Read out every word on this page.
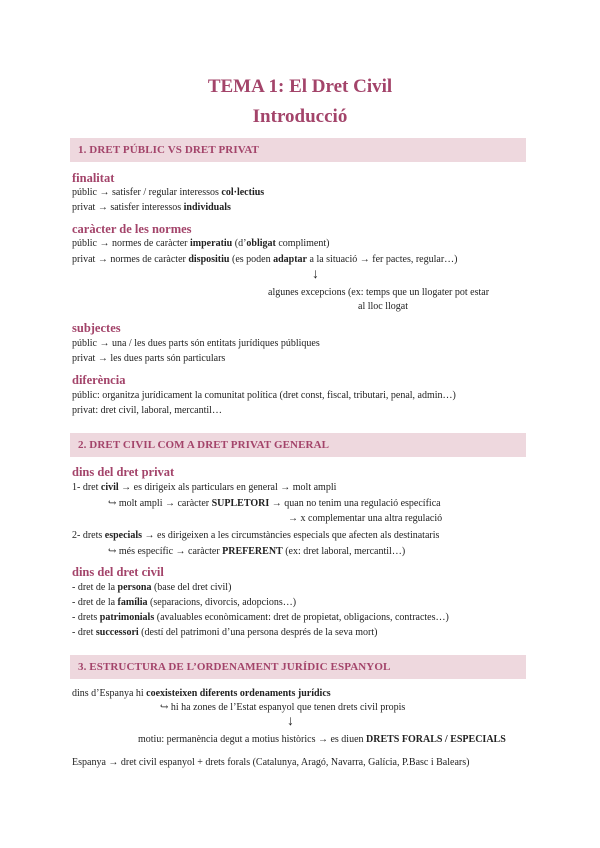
TEMA 1: El Dret Civil
Introducció
1. DRET PÚBLIC VS DRET PRIVAT
finalitat
públic → satisfer / regular interessos col·lectius
privat → satisfer interessos individuals
caràcter de les normes
públic → normes de caràcter imperatiu (d’obligat compliment)
privat → normes de caràcter dispositiu (es poden adaptar a la situació → fer pactes, regular…)
↓
algunes excepcions (ex: temps que un llogater pot estar
al lloc llogat
subjectes
públic → una / les dues parts són entitats jurídiques públiques
privat → les dues parts són particulars
diferència
públic: organitza jurídicament la comunitat política (dret const, fiscal, tributari, penal, admin…)
privat: dret civil, laboral, mercantil…
2. DRET CIVIL COM A DRET PRIVAT GENERAL
dins del dret privat
1- dret civil → es dirigeix als particulars en general → molt ampli
↪ molt ampli → caràcter SUPLETORI → quan no tenim una regulació específica
→ x complementar una altra regulació
2- drets especials → es dirigeixen a les circumstàncies especials que afecten als destinataris
↪ més específic → caràcter PREFERENT (ex: dret laboral, mercantil…)
dins del dret civil
- dret de la persona (base del dret civil)
- dret de la família (separacions, divorcis, adopcions…)
- drets patrimonials (avaluables econòmicament: dret de propietat, obligacions, contractes…)
- dret successori (destí del patrimoni d’una persona després de la seva mort)
3. ESTRUCTURA DE L’ORDENAMENT JURÍDIC ESPANYOL
dins d’Espanya hi coexisteixen diferents ordenaments jurídics
↪ hi ha zones de l’Estat espanyol que tenen drets civil propis
↓
motiu: permanència degut a motius històrics → es diuen DRETS FORALS / ESPECIALS
Espanya → dret civil espanyol + drets forals (Catalunya, Aragó, Navarra, Galícia, P.Basc i Balears)
